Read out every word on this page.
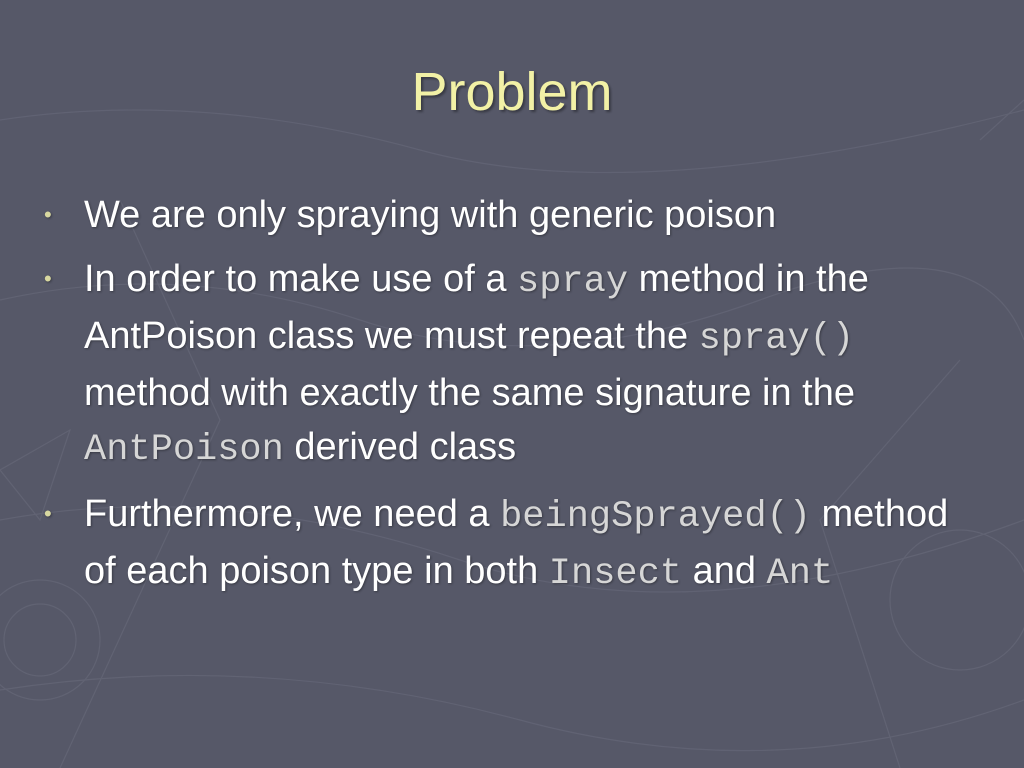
Problem
• We are only spraying with generic poison
• In order to make use of a spray method in the AntPoison class we must repeat the spray() method with exactly the same signature in the AntPoison derived class
• Furthermore, we need a beingSprayed() method of each poison type in both Insect and Ant
